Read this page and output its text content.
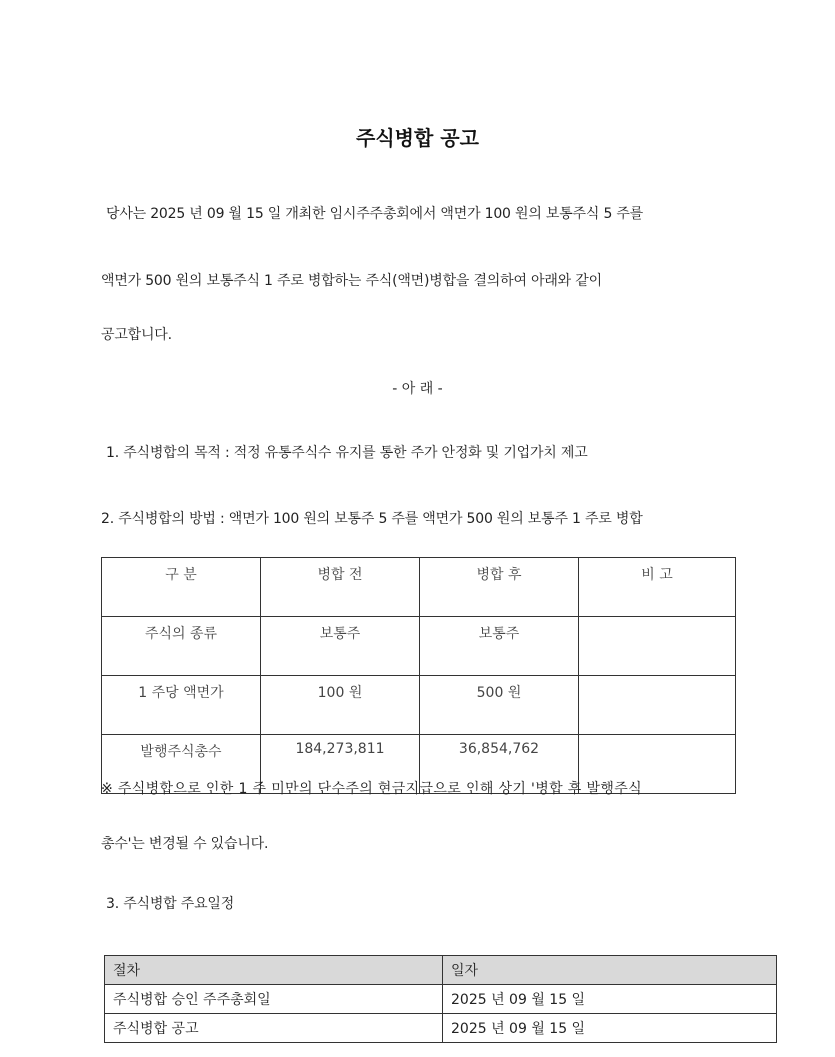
주식병합 공고
당사는 2025 년 09 월 15 일 개최한 임시주주총회에서 액면가 100 원의 보통주식 5 주를
액면가 500 원의 보통주식 1 주로 병합하는 주식(액면)병합을 결의하여 아래와 같이
공고합니다.
- 아 래 -
1. 주식병합의 목적 : 적정 유통주식수 유지를 통한 주가 안정화 및 기업가치 제고
2. 주식병합의 방법 : 액면가 100 원의 보통주 5 주를 액면가 500 원의 보통주 1 주로 병합
구 분	병합 전	병합 후	비 고
주식의 종류	보통주	보통주	
1 주당 액면가	100 원	500 원	
발행주식총수	184,273,811	36,854,762	
※ 주식병합으로 인한 1 주 미만의 단수주의 현금지급으로 인해 상기 '병합 후 발행주식
총수'는 변경될 수 있습니다.
3. 주식병합 주요일정
절차	일자
주식병합 승인 주주총회일	2025 년 09 월 15 일
주식병합 공고	2025 년 09 월 15 일
